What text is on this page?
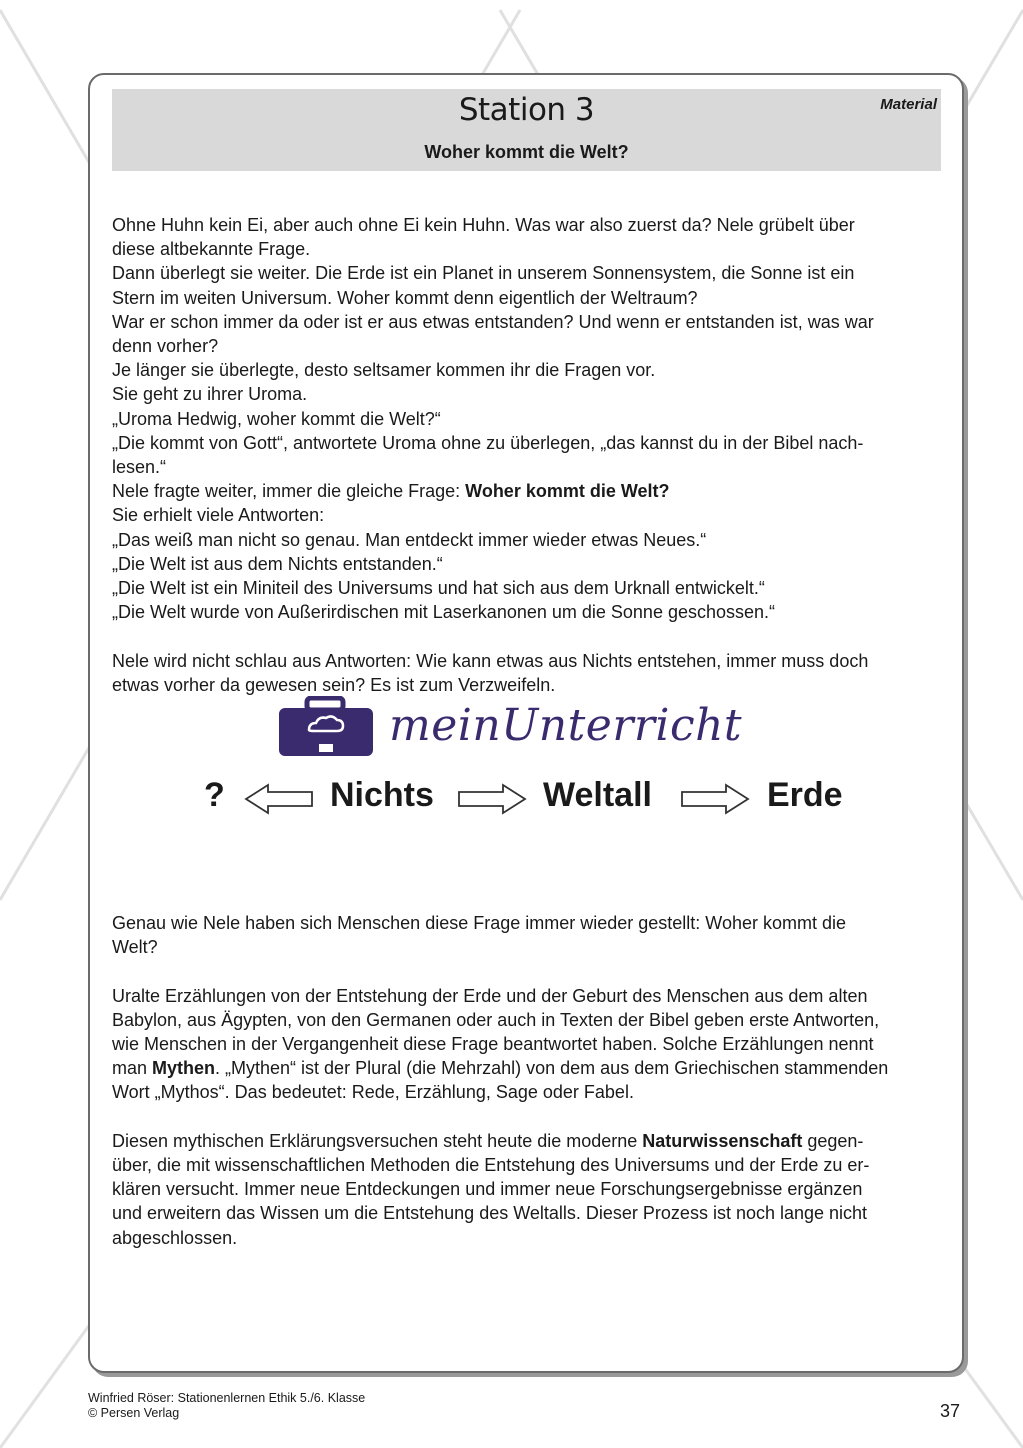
Station 3	Material
Woher kommt die Welt?

Ohne Huhn kein Ei, aber auch ohne Ei kein Huhn. Was war also zuerst da? Nele grübelt über

diese altbekannte Frage.

Dann überlegt sie weiter. Die Erde ist ein Planet in unserem Sonnensystem, die Sonne ist ein

Stern im weiten Universum. Woher kommt denn eigentlich der Weltraum?

War er schon immer da oder ist er aus etwas entstanden? Und wenn er entstanden ist, was war

denn vorher?

Je länger sie überlegte, desto seltsamer kommen ihr die Fragen vor.

Sie geht zu ihrer Uroma.

„Uroma Hedwig, woher kommt die Welt?“

„Die kommt von Gott“, antwortete Uroma ohne zu überlegen, „das kannst du in der Bibel nach-

lesen.“

Nele fragte weiter, immer die gleiche Frage: Woher kommt die Welt?

Sie erhielt viele Antworten:

„Das weiß man nicht so genau. Man entdeckt immer wieder etwas Neues.“

„Die Welt ist aus dem Nichts entstanden.“

„Die Welt ist ein Miniteil des Universums und hat sich aus dem Urknall entwickelt.“

„Die Welt wurde von Außerirdischen mit Laserkanonen um die Sonne geschossen.“

Nele wird nicht schlau aus Antworten: Wie kann etwas aus Nichts entstehen, immer muss doch

etwas vorher da gewesen sein? Es ist zum Verzweifeln.

meinUnterricht
?	Nichts	Weltall	Erde

Genau wie Nele haben sich Menschen diese Frage immer wieder gestellt: Woher kommt die

Welt?

Uralte Erzählungen von der Entstehung der Erde und der Geburt des Menschen aus dem alten

Babylon, aus Ägypten, von den Germanen oder auch in Texten der Bibel geben erste Antworten,

wie Menschen in der Vergangenheit diese Frage beantwortet haben. Solche Erzählungen nennt

man Mythen. „Mythen“ ist der Plural (die Mehrzahl) von dem aus dem Griechischen stammenden

Wort „Mythos“. Das bedeutet: Rede, Erzählung, Sage oder Fabel.

Diesen mythischen Erklärungsversuchen steht heute die moderne Naturwissenschaft gegen-

über, die mit wissenschaftlichen Methoden die Entstehung des Universums und der Erde zu er-

klären versucht. Immer neue Entdeckungen und immer neue Forschungsergebnisse ergänzen

und erweitern das Wissen um die Entstehung des Weltalls. Dieser Prozess ist noch lange nicht

abgeschlossen.

Winfried Röser: Stationenlernen Ethik 5./6. Klasse
© Persen Verlag	37
